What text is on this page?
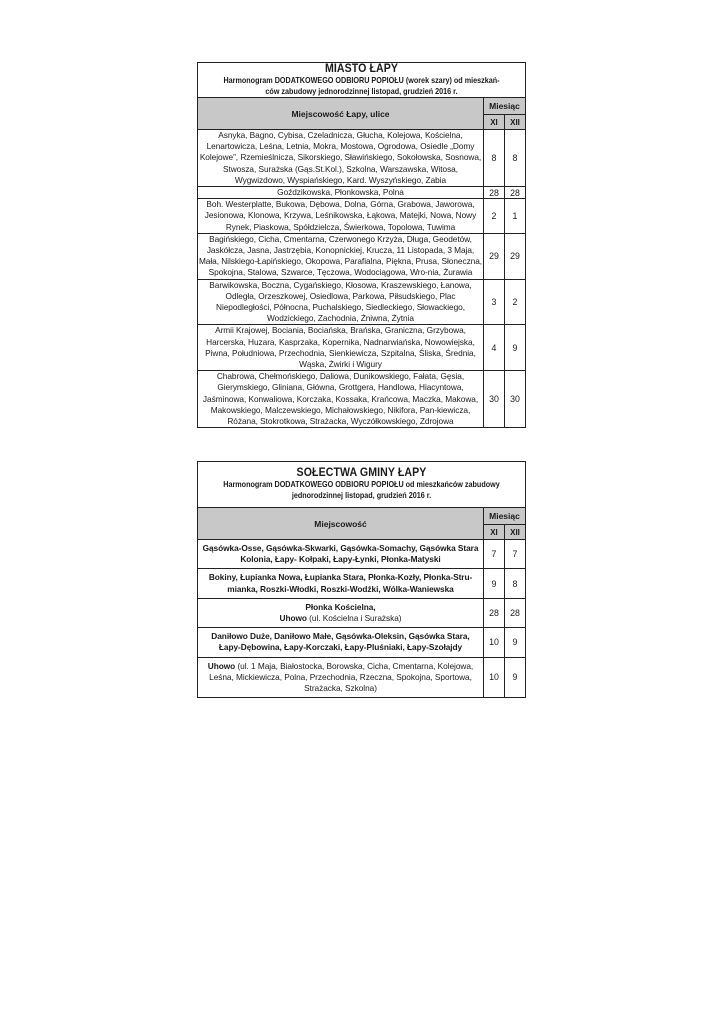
MIASTO ŁAPY
Harmonogram DODATKOWEGO ODBIORU POPIOŁU (worek szary) od mieszkań-ców zabudowy jednorodzinnej listopad, grudzień 2016 r.		

Miejscowość Łapy, ulice	Miesiąc	
	XI	XII
Asnyka, Bagno, Cybisa, Czeladnicza, Głucha, Kolejowa, Kościelna, Lenartowicza, Leśna, Letnia, Mokra, Mostowa, Ogrodowa, Osiedle „Domy Kolejowe”, Rzemieślnicza, Sikorskiego, Sławińskiego, Sokołowska, Sosnowa, Stwosza, Surażska (Gąs.St.Kol.), Szkolna, Warszawska, Witosa, Wygwizdowo, Wyspiańskiego, Kard. Wyszyńskiego, Zabia	8	8
Goździkowska, Płonkowska, Polna	28	28
Boh. Westerplatte, Bukowa, Dębowa, Dolna, Górna, Grabowa, Jaworowa, Jesionowa, Klonowa, Krzywa, Leśnikowska, Łąkowa, Matejki, Nowa, Nowy Rynek, Piaskowa, Spółdzielcza, Świerkowa, Topolowa, Tuwima	2	1
Bagińskiego, Cicha, Cmentarna, Czerwonego Krzyża, Długa, Geodetów, Jaskółcza, Jasna, Jastrzębia, Konopnickiej, Krucza, 11 Listopada, 3 Maja, Mała, Nilskiego-Łapińskiego, Okopowa, Parafialna, Piękna, Prusa, Słoneczna, Spokojna, Stalowa, Szwarce, Tęczowa, Wodociągowa, Wro-nia, Żurawia	29	29
Barwikowska, Boczna, Cygańskiego, Kłosowa, Kraszewskiego, Łanowa, Odległa, Orzeszkowej, Osiedlowa, Parkowa, Piłsudskiego, Plac Niepodległości, Północna, Puchalskiego, Siedleckiego, Słowackiego, Wodzickiego, Zachodnia, Żniwna, Żytnia	3	2
Armii Krajowej, Bociania, Bociańska, Brańska, Graniczna, Grzybowa, Harcerska, Huzara, Kasprzaka, Kopernika, Nadnarwiańska, Nowowiejska, Piwna, Południowa, Przechodnia, Sienkiewicza, Szpitalna, Śliska, Średnia, Wąska, Żwirki i Wigury	4	9
Chabrowa, Chełmońskiego, Daliowa, Dunikowskiego, Fałata, Gęsia, Gierymskiego, Gliniana, Główna, Grottgera, Handlowa, Hiacyntowa, Jaśminowa, Konwaliowa, Korczaka, Kossaka, Krańcowa, Maczka, Makowa, Makowskiego, Malczewskiego, Michałowskiego, Nikifora, Pan-kiewicza, Różana, Stokrotkowa, Strażacka, Wyczółkowskiego, Zdrojowa	30	30
SOŁECTWA GMINY ŁAPY
Harmonogram DODATKOWEGO ODBIORU POPIOŁU od mieszkańców zabudowy jednorodzinnej listopad, grudzień 2016 r.		

Miejscowość	Miesiąc	
	XI	XII
Gąsówka-Osse, Gąsówka-Skwarki, Gąsówka-Somachy, Gąsówka Stara Kolonia, Łapy- Kołpaki, Łapy-Łynki, Płonka-Matyski	7	7
Bokiny, Łupianka Nowa, Łupianka Stara, Płonka-Kozły, Płonka-Stru-mianka, Roszki-Włodki, Roszki-Wodźki, Wólka-Waniewska	9	8
Płonka Kościelna,
Uhowo (ul. Kościelna i Surażska)	28	28
Daniłowo Duże, Daniłowo Małe, Gąsówka-Oleksin, Gąsówka Stara, Łapy-Dębowina, Łapy-Korczaki, Łapy-Pluśniaki, Łapy-Szołajdy	10	9
Uhowo (ul. 1 Maja, Białostocka, Borowska, Cicha, Cmentarna, Kolejowa, Leśna, Mickiewicza, Polna, Przechodnia, Rzeczna, Spokojna, Sportowa, Strażacka, Szkolna)	10	9
